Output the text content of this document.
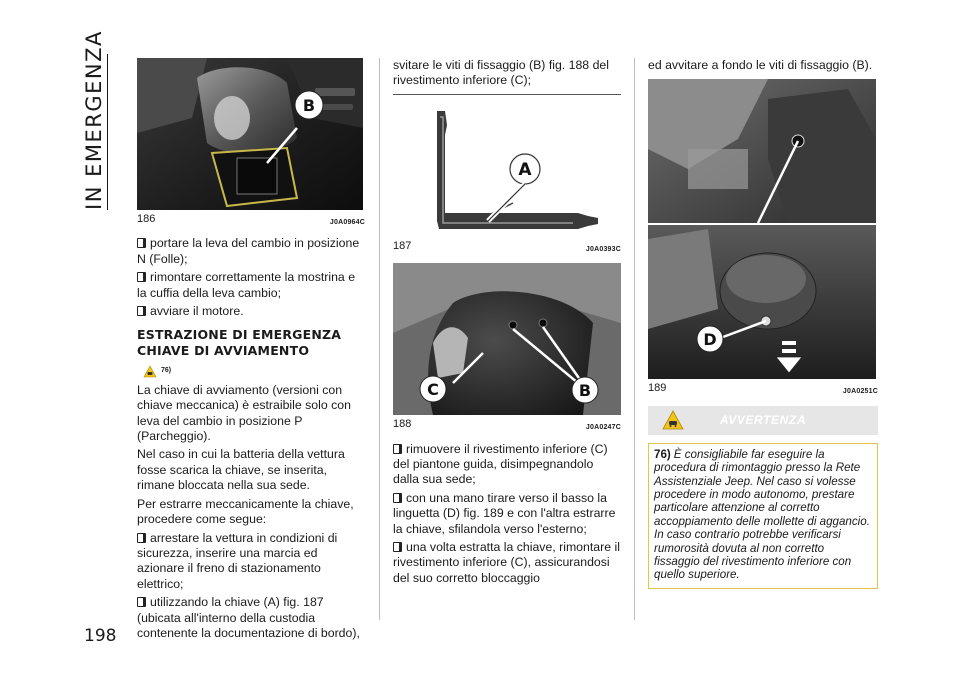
IN EMERGENZA	B
186	J0A0964C

portare la leva del cambio in posizione N (Folle);

rimontare correttamente la mostrina e la cuffia della leva cambio;

avviare il motore.

ESTRAZIONE DI EMERGENZA CHIAVE DI AVVIAMENTO
76)

La chiave di avviamento (versioni con chiave meccanica) è estraibile solo con leva del cambio in posizione P (Parcheggio).

Nel caso in cui la batteria della vettura fosse scarica la chiave, se inserita, rimane bloccata nella sua sede.

Per estrarre meccanicamente la chiave, procedere come segue:

arrestare la vettura in condizioni di sicurezza, inserire una marcia ed azionare il freno di stazionamento elettrico;

utilizzando la chiave (A) fig. 187 (ubicata all'interno della custodia contenente la documentazione di bordo),

svitare le viti di fissaggio (B) fig. 188 del rivestimento inferiore (C);

A
187	J0A0393C
C	B
188	J0A0247C

rimuovere il rivestimento inferiore (C) del piantone guida, disimpegnandolo dalla sua sede;

con una mano tirare verso il basso la linguetta (D) fig. 189 e con l'altra estrarre la chiave, sfilandola verso l'esterno;

una volta estratta la chiave, rimontare il rivestimento inferiore (C), assicurandosi del suo corretto bloccaggio

ed avvitare a fondo le viti di fissaggio (B).

D
189	J0A0251C
AVVERTENZA
76) È consigliabile far eseguire la procedura di rimontaggio presso la Rete Assistenziale Jeep. Nel caso si volesse procedere in modo autonomo, prestare particolare attenzione al corretto accoppiamento delle mollette di aggancio. In caso contrario potrebbe verificarsi rumorosità dovuta al non corretto fissaggio del rivestimento inferiore con quello superiore.
198
